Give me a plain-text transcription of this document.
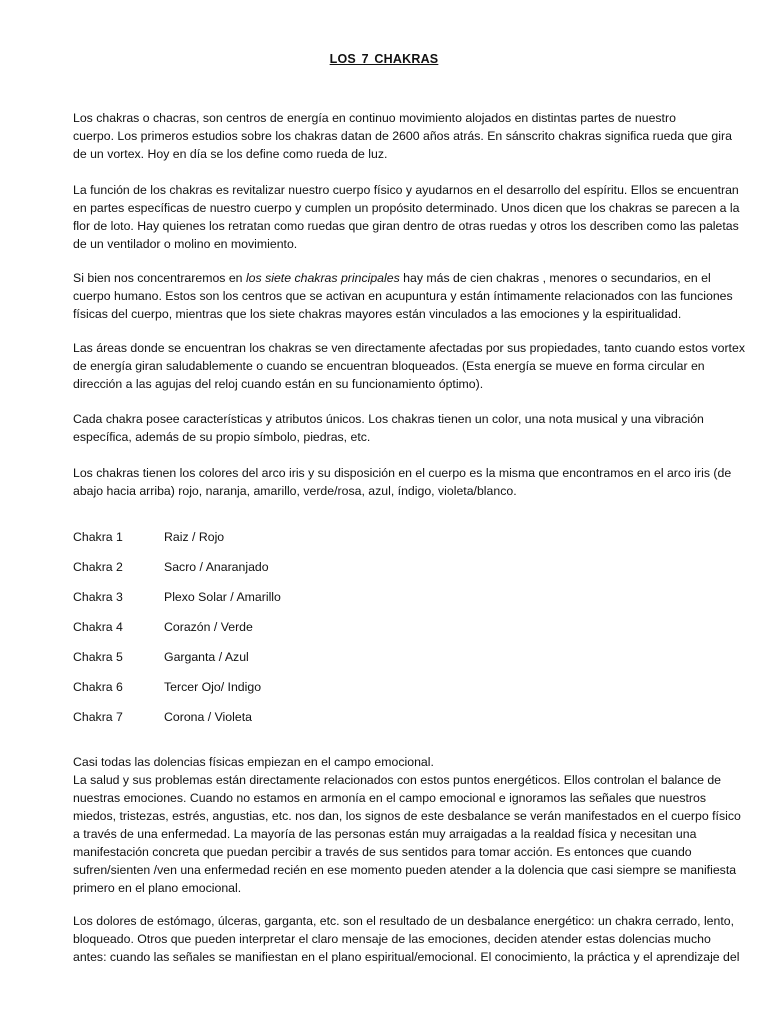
LOS 7 CHAKRAS

Los chakras o chacras, son centros de energía en continuo movimiento alojados en distintas partes de nuestro
cuerpo. Los primeros estudios sobre los chakras datan de 2600 años atrás. En sánscrito chakras significa rueda que gira
de un vortex. Hoy en día se los define como rueda de luz.

La función de los chakras es revitalizar nuestro cuerpo físico y ayudarnos en el desarrollo del espíritu. Ellos se encuentran
en partes específicas de nuestro cuerpo y cumplen un propósito determinado. Unos dicen que los chakras se parecen a la
flor de loto. Hay quienes los retratan como ruedas que giran dentro de otras ruedas y otros los describen como las paletas
de un ventilador o molino en movimiento.

Si bien nos concentraremos en los siete chakras principales hay más de cien chakras , menores o secundarios, en el
cuerpo humano. Estos son los centros que se activan en acupuntura y están íntimamente relacionados con las funciones
físicas del cuerpo, mientras que los siete chakras mayores están vinculados a las emociones y la espiritualidad.

Las áreas donde se encuentran los chakras se ven directamente afectadas por sus propiedades, tanto cuando estos vortex
de energía giran saludablemente o cuando se encuentran bloqueados. (Esta energía se mueve en forma circular en
dirección a las agujas del reloj cuando están en su funcionamiento óptimo).

Cada chakra posee características y atributos únicos. Los chakras tienen un color, una nota musical y una vibración
específica, además de su propio símbolo, piedras, etc.

Los chakras tienen los colores del arco iris y su disposición en el cuerpo es la misma que encontramos en el arco iris (de
abajo hacia arriba) rojo, naranja, amarillo, verde/rosa, azul, índigo, violeta/blanco.

Chakra 1	Raiz / Rojo
Chakra 2	Sacro / Anaranjado
Chakra 3	Plexo Solar / Amarillo
Chakra 4	Corazón / Verde
Chakra 5	Garganta / Azul
Chakra 6	Tercer Ojo/ Indigo
Chakra 7	Corona / Violeta

Casi todas las dolencias físicas empiezan en el campo emocional.
La salud y sus problemas están directamente relacionados con estos puntos energéticos. Ellos controlan el balance de
nuestras emociones. Cuando no estamos en armonía en el campo emocional e ignoramos las señales que nuestros
miedos, tristezas, estrés, angustias, etc. nos dan, los signos de este desbalance se verán manifestados en el cuerpo físico
a través de una enfermedad. La mayoría de las personas están muy arraigadas a la realdad física y necesitan una
manifestación concreta que puedan percibir a través de sus sentidos para tomar acción. Es entonces que cuando
sufren/sienten /ven una enfermedad recién en ese momento pueden atender a la dolencia que casi siempre se manifiesta
primero en el plano emocional.

Los dolores de estómago, úlceras, garganta, etc. son el resultado de un desbalance energético: un chakra cerrado, lento,
bloqueado. Otros que pueden interpretar el claro mensaje de las emociones, deciden atender estas dolencias mucho
antes: cuando las señales se manifiestan en el plano espiritual/emocional. El conocimiento, la práctica y el aprendizaje del
